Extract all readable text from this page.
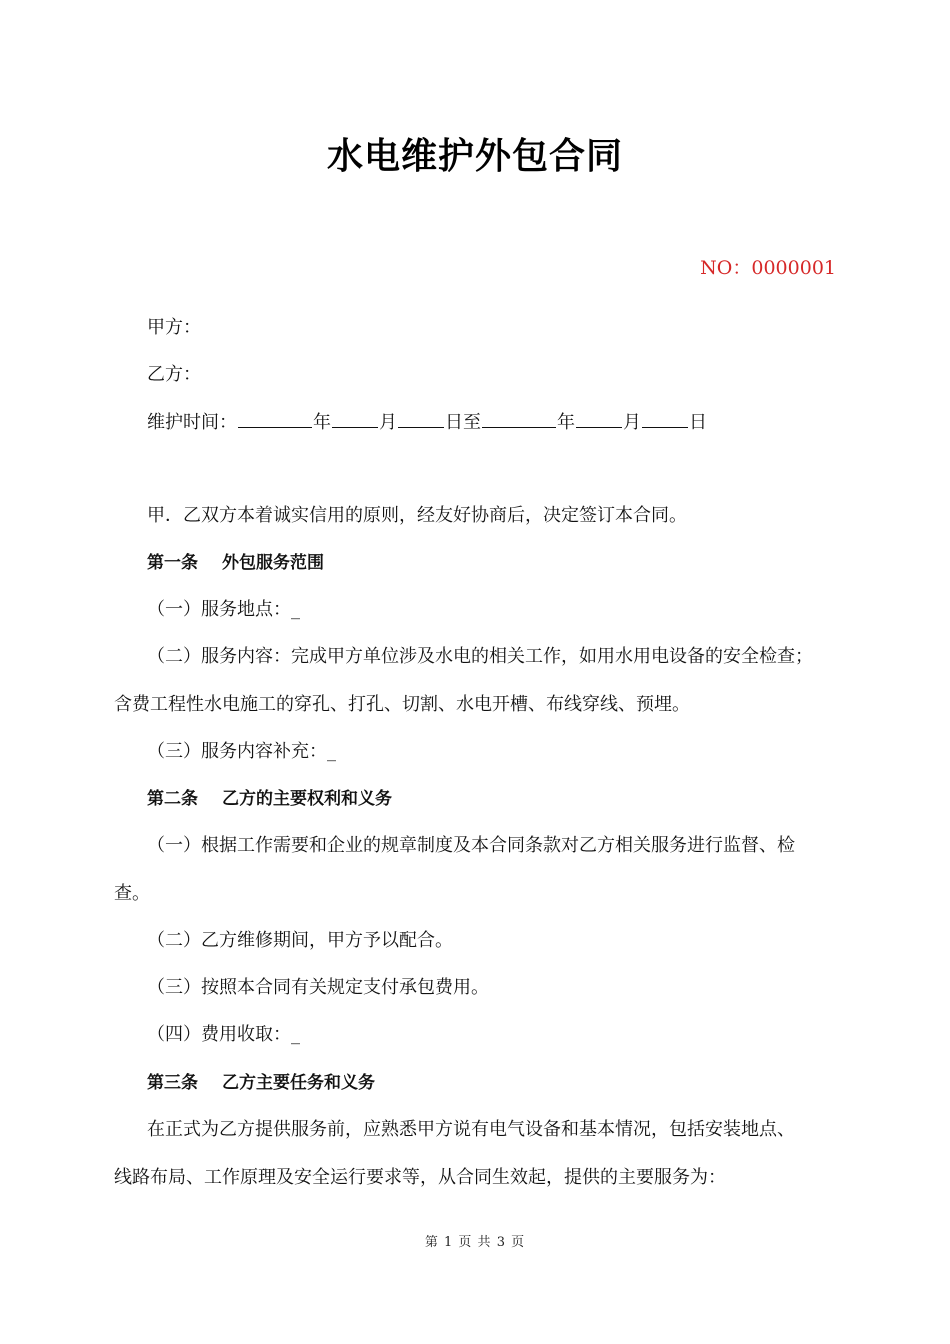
水电维护外包合同
NO：0000001
甲方：
乙方：
维护时间：	年	月	日至	年	月	日
甲．乙双方本着诚实信用的原则，经友好协商后，决定签订本合同。
第一条 外包服务范围
（一）服务地点：_
（二）服务内容：完成甲方单位涉及水电的相关工作，如用水用电设备的安全检查；
含费工程性水电施工的穿孔、打孔、切割、水电开槽、布线穿线、预埋。
（三）服务内容补充：_
第二条 乙方的主要权利和义务
（一）根据工作需要和企业的规章制度及本合同条款对乙方相关服务进行监督、检
查。
（二）乙方维修期间，甲方予以配合。
（三）按照本合同有关规定支付承包费用。
（四）费用收取：_
第三条 乙方主要任务和义务
在正式为乙方提供服务前，应熟悉甲方说有电气设备和基本情况，包括安装地点、
线路布局、工作原理及安全运行要求等，从合同生效起，提供的主要服务为：
第 1 页 共 3 页
